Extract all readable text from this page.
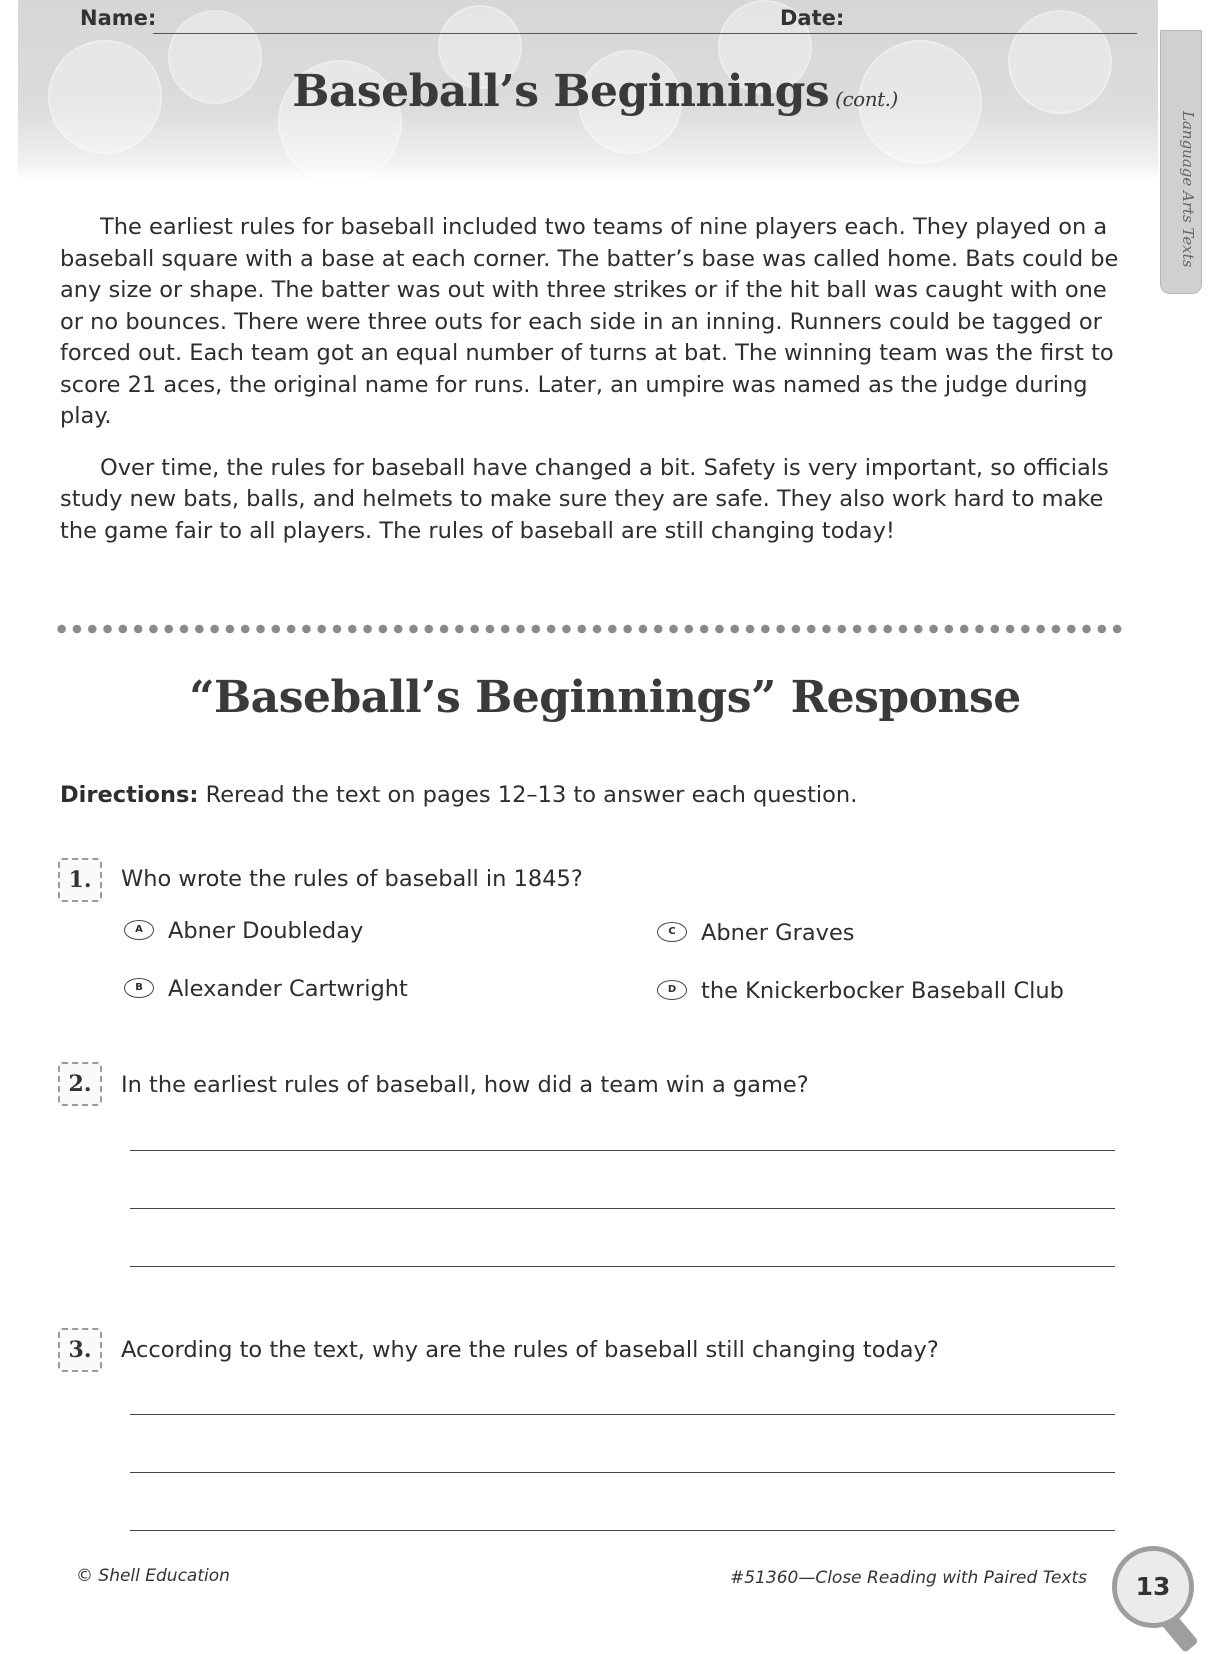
Name:	Date:
Baseball’s Beginnings (cont.)
Language Arts Texts

The earliest rules for baseball included two teams of nine players each. They played on a baseball square with a base at each corner. The batter’s base was called home. Bats could be any size or shape. The batter was out with three strikes or if the hit ball was caught with one or no bounces. There were three outs for each side in an inning. Runners could be tagged or forced out. Each team got an equal number of turns at bat. The winning team was the first to score 21 aces, the original name for runs. Later, an umpire was named as the judge during play.

Over time, the rules for baseball have changed a bit. Safety is very important, so officials study new bats, balls, and helmets to make sure they are safe. They also work hard to make the game fair to all players. The rules of baseball are still changing today!

“Baseball’s Beginnings” Response
Directions: Reread the text on pages 12–13 to answer each question.
1.	Who wrote the rules of baseball in 1845?
A Abner Doubleday
B Alexander Cartwright
C Abner Graves
D the Knickerbocker Baseball Club
2.	In the earliest rules of baseball, how did a team win a game?
3.	According to the text, why are the rules of baseball still changing today?
© Shell Education	#51360—Close Reading with Paired Texts	13
